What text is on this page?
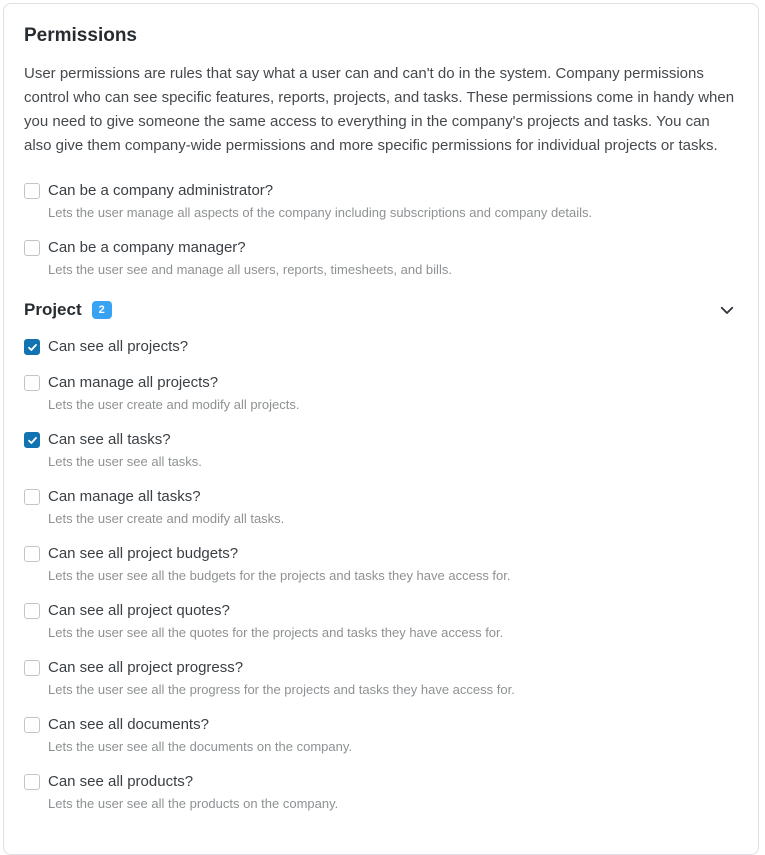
Permissions
User permissions are rules that say what a user can and can't do in the system. Company permissions control who can see specific features, reports, projects, and tasks. These permissions come in handy when you need to give someone the same access to everything in the company's projects and tasks. You can also give them company-wide permissions and more specific permissions for individual projects or tasks.
Can be a company administrator?
Lets the user manage all aspects of the company including subscriptions and company details.
Can be a company manager?
Lets the user see and manage all users, reports, timesheets, and bills.
Project	2
Can see all projects?
Can manage all projects?
Lets the user create and modify all projects.
Can see all tasks?
Lets the user see all tasks.
Can manage all tasks?
Lets the user create and modify all tasks.
Can see all project budgets?
Lets the user see all the budgets for the projects and tasks they have access for.
Can see all project quotes?
Lets the user see all the quotes for the projects and tasks they have access for.
Can see all project progress?
Lets the user see all the progress for the projects and tasks they have access for.
Can see all documents?
Lets the user see all the documents on the company.
Can see all products?
Lets the user see all the products on the company.
